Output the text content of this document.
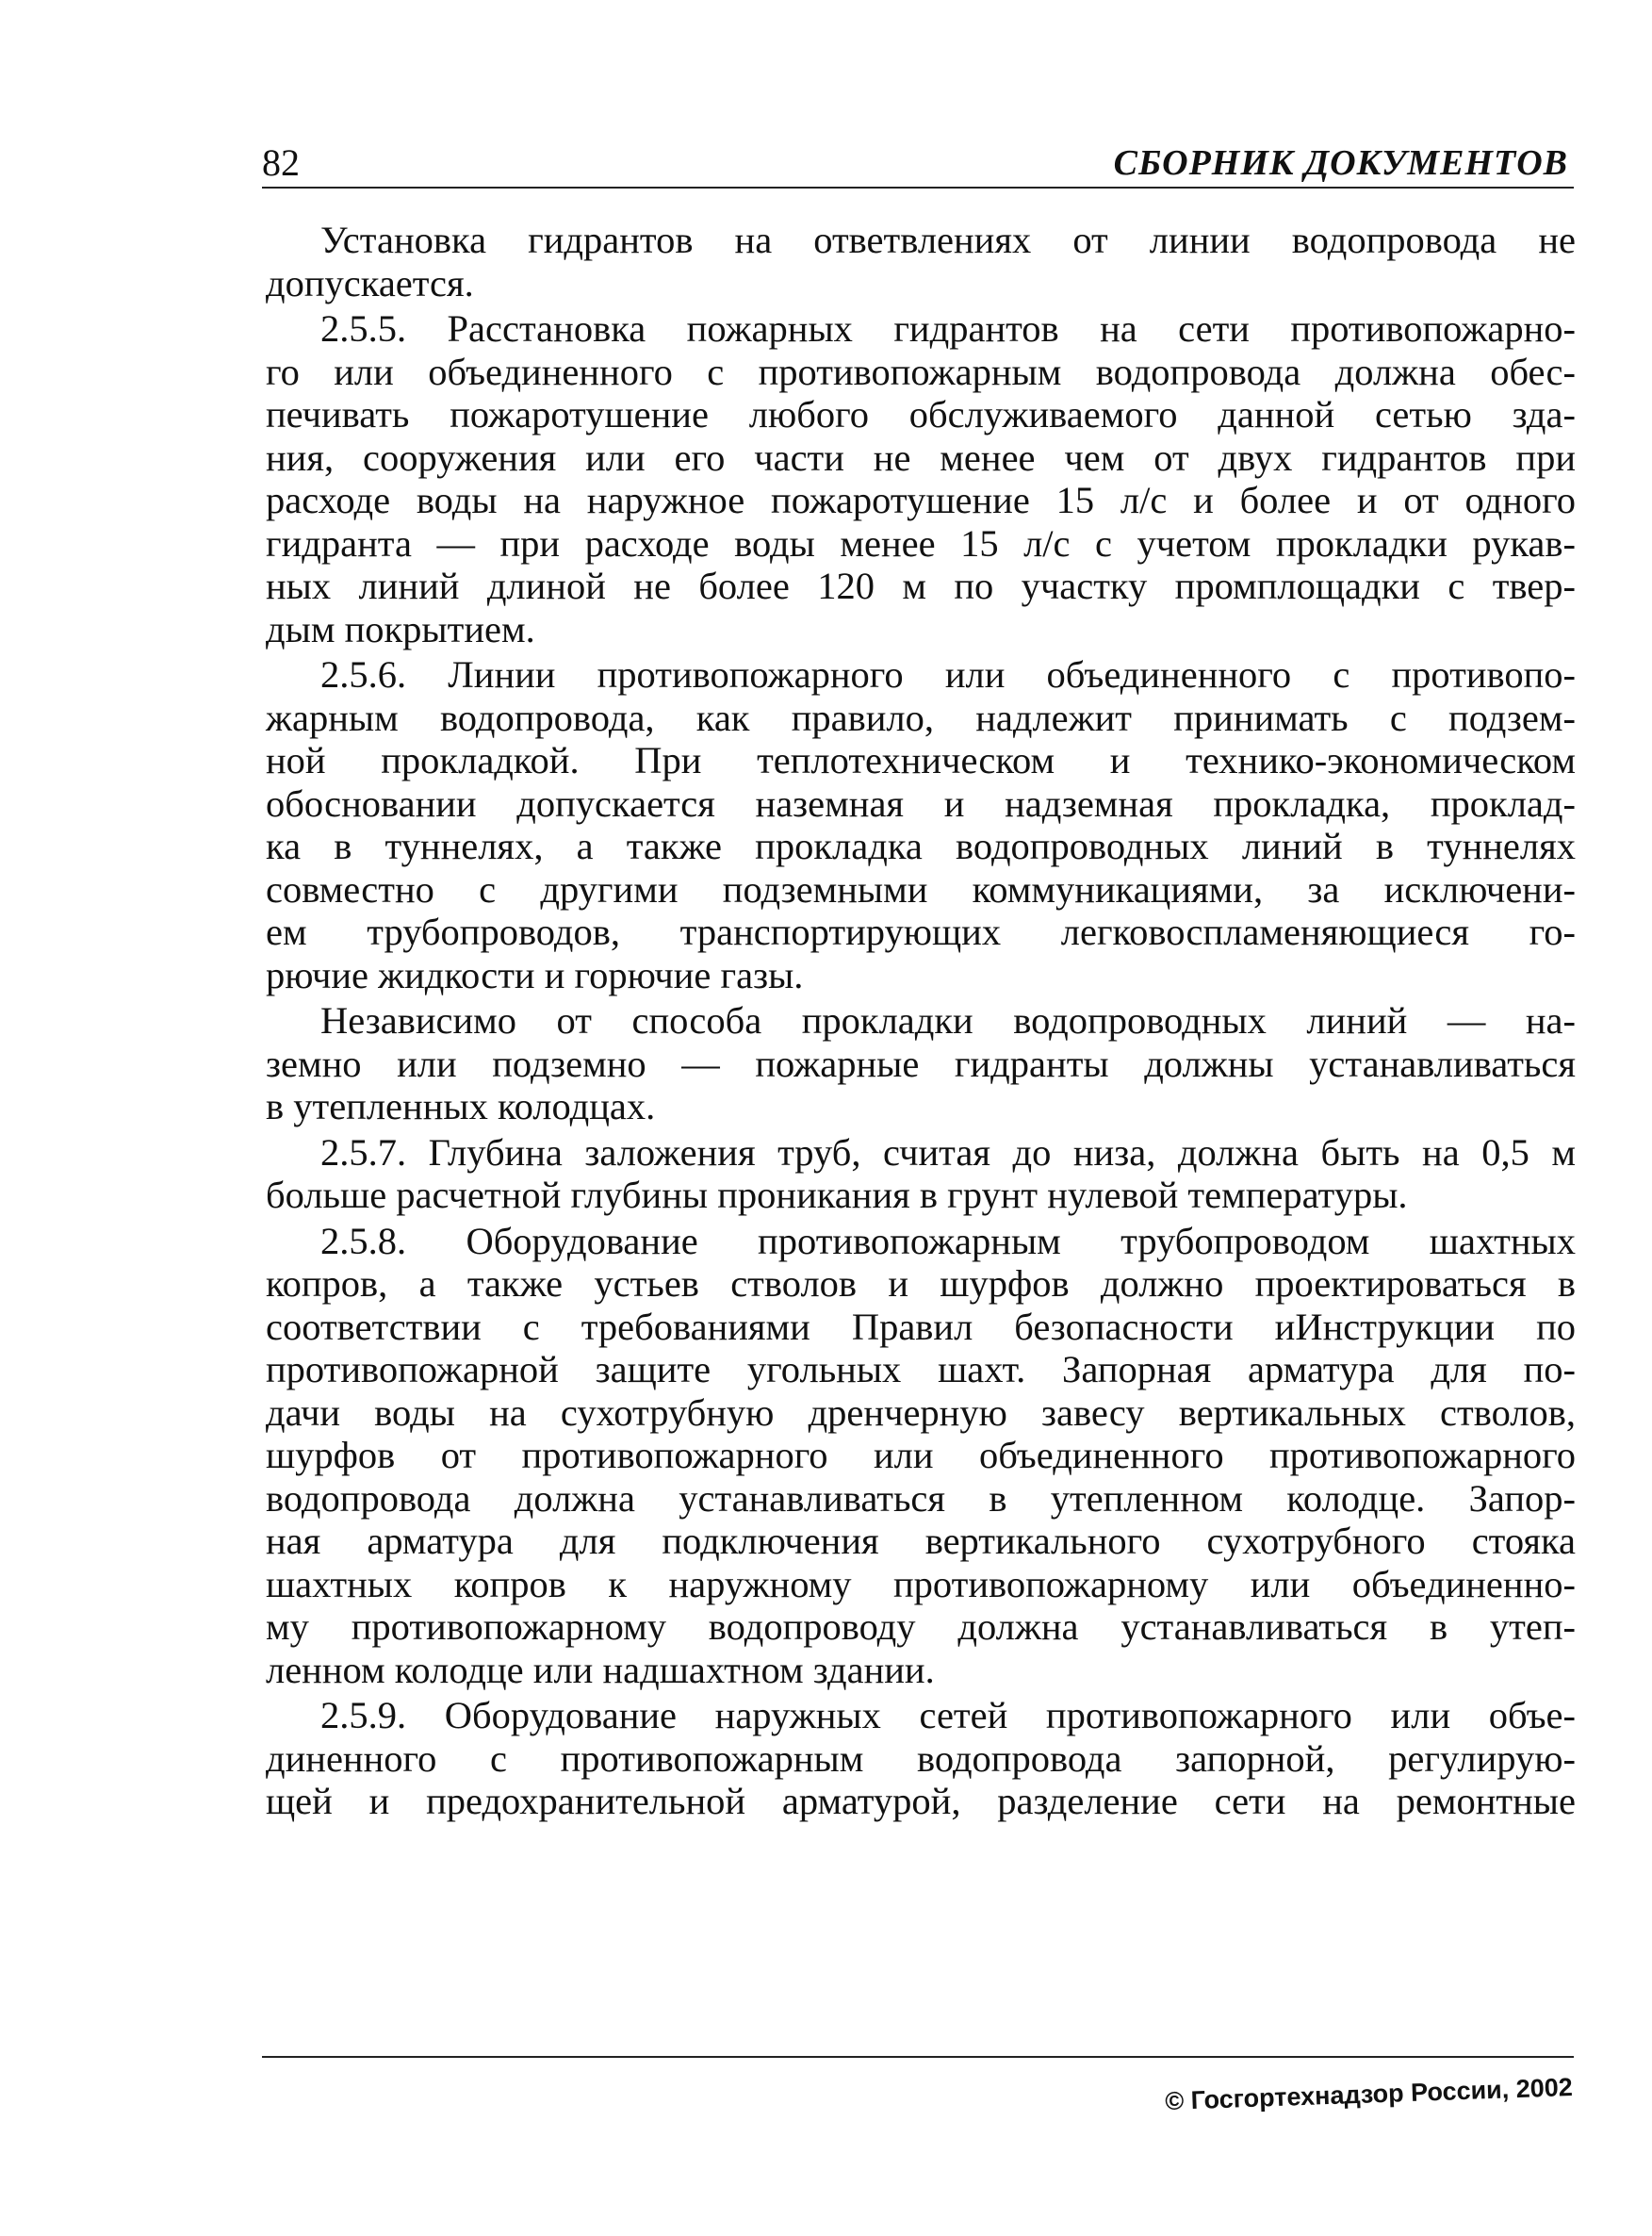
82	СБОРНИК ДОКУМЕНТОВ
Установка гидрантов на ответвлениях от линии водопровода не
допускается.
2.5.5. Расстановка пожарных гидрантов на сети противопожарно-
го или объединенного с противопожарным водопровода должна обес-
печивать пожаротушение любого обслуживаемого данной сетью зда-
ния, сооружения или его части не менее чем от двух гидрантов при
расходе воды на наружное пожаротушение 15 л/с и более и от одного
гидранта — при расходе воды менее 15 л/с с учетом прокладки рукав-
ных линий длиной не более 120 м по участку промплощадки с твер-
дым покрытием.
2.5.6. Линии противопожарного или объединенного с противопо-
жарным водопровода, как правило, надлежит принимать с подзем-
ной прокладкой. При теплотехническом и технико-экономическом
обосновании допускается наземная и надземная прокладка, проклад-
ка в туннелях, а также прокладка водопроводных линий в туннелях
совместно с другими подземными коммуникациями, за исключени-
ем трубопроводов, транспортирующих легковоспламеняющиеся го-
рючие жидкости и горючие газы.
Независимо от способа прокладки водопроводных линий — на-
земно или подземно — пожарные гидранты должны устанавливаться
в утепленных колодцах.
2.5.7. Глубина заложения труб, считая до низа, должна быть на 0,5 м
больше расчетной глубины проникания в грунт нулевой температуры.
2.5.8. Оборудование противопожарным трубопроводом шахтных
копров, а также устьев стволов и шурфов должно проектироваться в
соответствии с требованиями Правил безопасности иИнструкции по
противопожарной защите угольных шахт. Запорная арматура для по-
дачи воды на сухотрубную дренчерную завесу вертикальных стволов,
шурфов от противопожарного или объединенного противопожарного
водопровода должна устанавливаться в утепленном колодце. Запор-
ная арматура для подключения вертикального сухотрубного стояка
шахтных копров к наружному противопожарному или объединенно-
му противопожарному водопроводу должна устанавливаться в утеп-
ленном колодце или надшахтном здании.
2.5.9. Оборудование наружных сетей противопожарного или объе-
диненного с противопожарным водопровода запорной, регулирую-
щей и предохранительной арматурой, разделение сети на ремонтные
© Госгортехнадзор России, 2002
